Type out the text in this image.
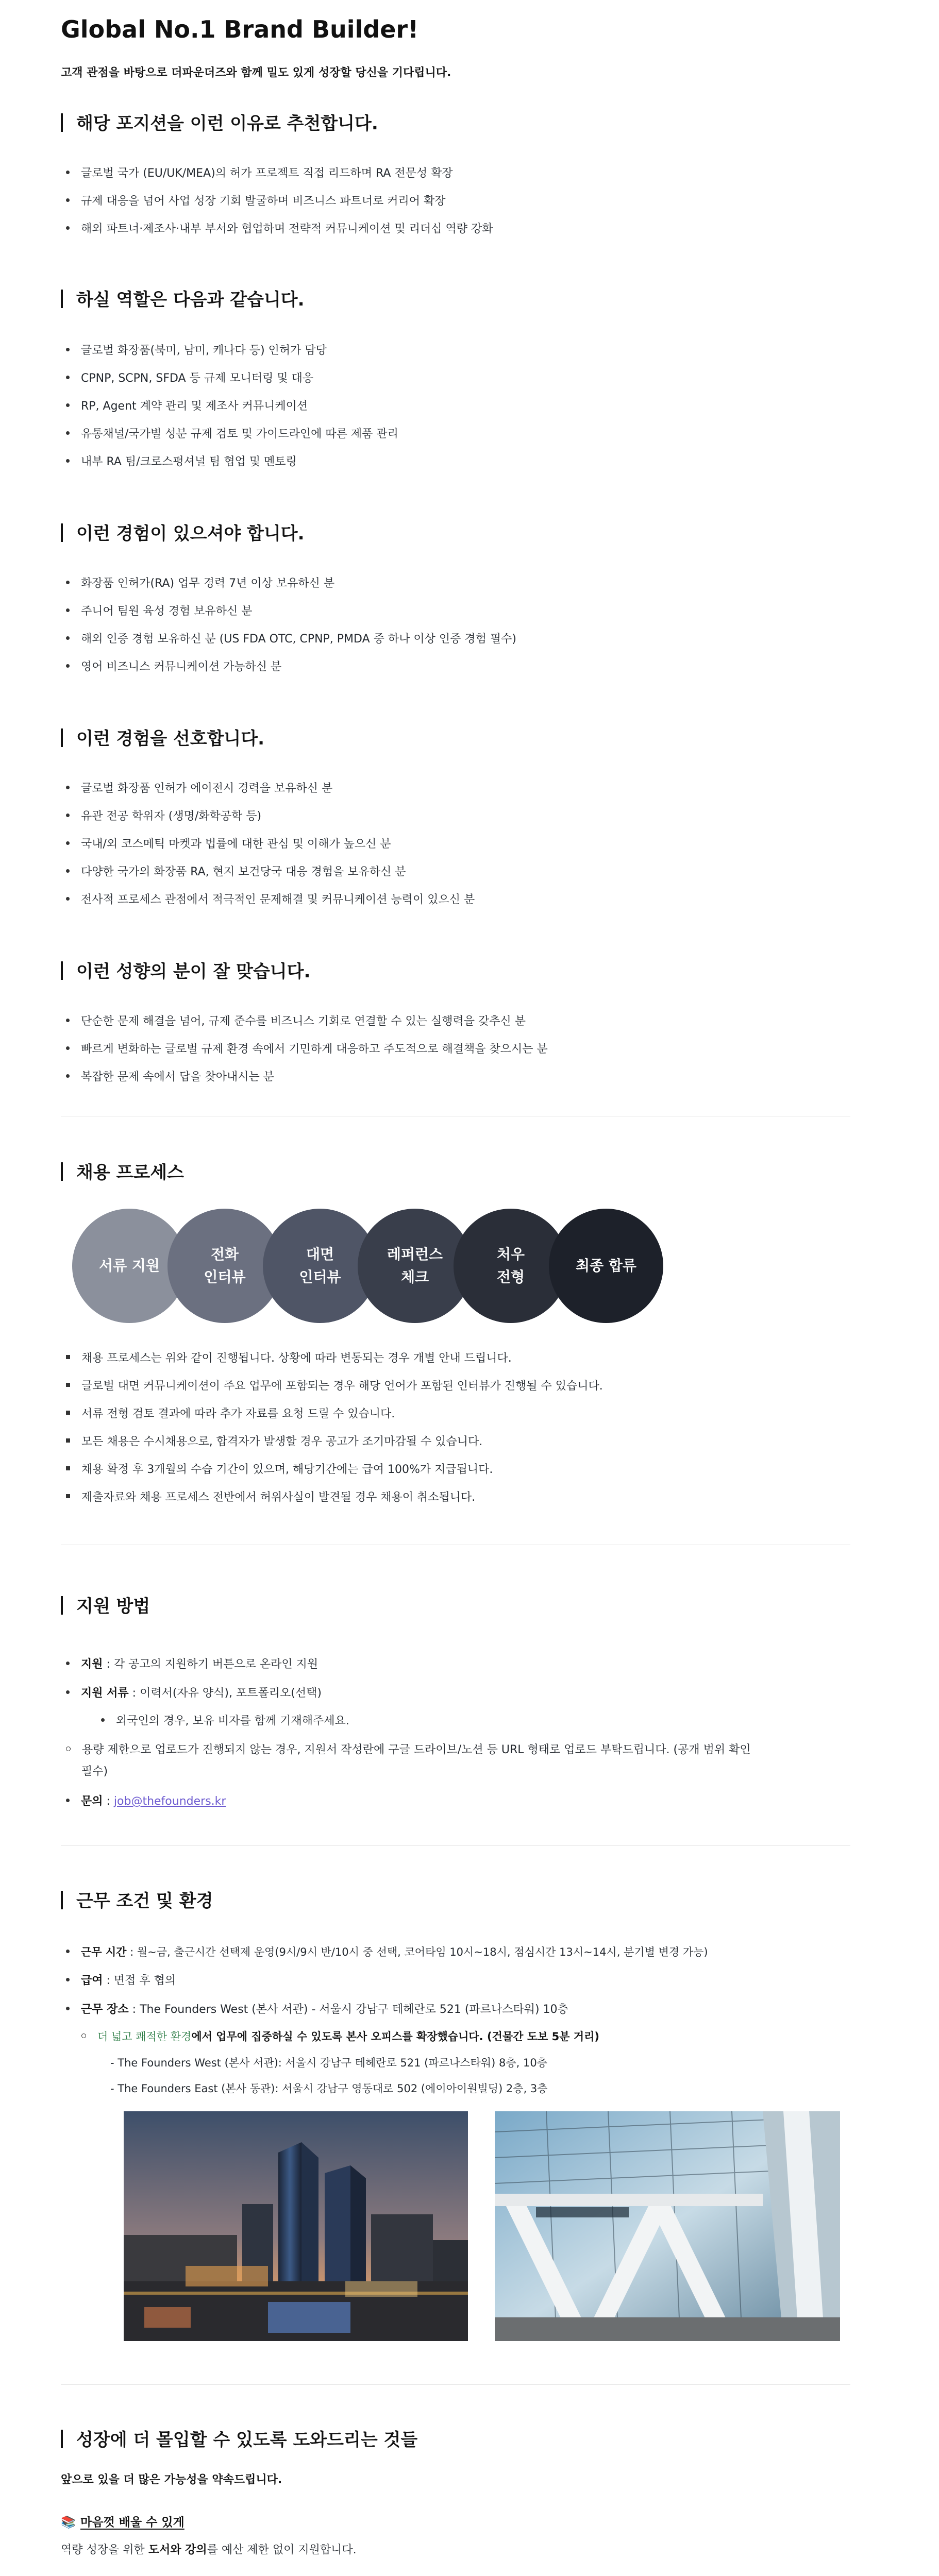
Global No.1 Brand Builder!
고객 관점을 바탕으로 더파운더즈와 함께 밀도 있게 성장할 당신을 기다립니다.
해당 포지션을 이런 이유로 추천합니다.
글로벌 국가 (EU/UK/MEA)의 허가 프로젝트 직접 리드하며 RA 전문성 확장
규제 대응을 넘어 사업 성장 기회 발굴하며 비즈니스 파트너로 커리어 확장
해외 파트너·제조사·내부 부서와 협업하며 전략적 커뮤니케이션 및 리더십 역량 강화
하실 역할은 다음과 같습니다.
글로벌 화장품(북미, 남미, 캐나다 등) 인허가 담당
CPNP, SCPN, SFDA 등 규제 모니터링 및 대응
RP, Agent 계약 관리 및 제조사 커뮤니케이션
유통채널/국가별 성분 규제 검토 및 가이드라인에 따른 제품 관리
내부 RA 팀/크로스펑셔널 팀 협업 및 멘토링
이런 경험이 있으셔야 합니다.
화장품 인허가(RA) 업무 경력 7년 이상 보유하신 분
주니어 팀원 육성 경험 보유하신 분
해외 인증 경험 보유하신 분 (US FDA OTC, CPNP, PMDA 중 하나 이상 인증 경험 필수)
영어 비즈니스 커뮤니케이션 가능하신 분
이런 경험을 선호합니다.
글로벌 화장품 인허가 에이전시 경력을 보유하신 분
유관 전공 학위자 (생명/화학공학 등)
국내/외 코스메틱 마켓과 법률에 대한 관심 및 이해가 높으신 분
다양한 국가의 화장품 RA, 현지 보건당국 대응 경험을 보유하신 분
전사적 프로세스 관점에서 적극적인 문제해결 및 커뮤니케이션 능력이 있으신 분
이런 성향의 분이 잘 맞습니다.
단순한 문제 해결을 넘어, 규제 준수를 비즈니스 기회로 연결할 수 있는 실행력을 갖추신 분
빠르게 변화하는 글로벌 규제 환경 속에서 기민하게 대응하고 주도적으로 해결책을 찾으시는 분
복잡한 문제 속에서 답을 찾아내시는 분
채용 프로세스
서류 지원
전화
인터뷰
대면
인터뷰
레퍼런스
체크
처우
전형
최종 합류
채용 프로세스는 위와 같이 진행됩니다. 상황에 따라 변동되는 경우 개별 안내 드립니다.
글로벌 대면 커뮤니케이션이 주요 업무에 포함되는 경우 해당 언어가 포함된 인터뷰가 진행될 수 있습니다.
서류 전형 검토 결과에 따라 추가 자료를 요청 드릴 수 있습니다.
모든 채용은 수시채용으로, 합격자가 발생할 경우 공고가 조기마감될 수 있습니다.
채용 확정 후 3개월의 수습 기간이 있으며, 해당기간에는 급여 100%가 지급됩니다.
제출자료와 채용 프로세스 전반에서 허위사실이 발견될 경우 채용이 취소됩니다.
지원 방법
지원 : 각 공고의 지원하기 버튼으로 온라인 지원
지원 서류 : 이력서(자유 양식), 포트폴리오(선택)
외국인의 경우, 보유 비자를 함께 기재해주세요.
용량 제한으로 업로드가 진행되지 않는 경우, 지원서 작성란에 구글 드라이브/노션 등 URL 형태로 업로드 부탁드립니다. (공개 범위 확인
필수)
문의 : job@thefounders.kr
근무 조건 및 환경
근무 시간 : 월~금, 출근시간 선택제 운영(9시/9시 반/10시 중 선택, 코어타임 10시~18시, 점심시간 13시~14시, 분기별 변경 가능)
급여 : 면접 후 협의
근무 장소 : The Founders West (본사 서관) - 서울시 강남구 테헤란로 521 (파르나스타워) 10층
더 넓고 쾌적한 환경에서 업무에 집중하실 수 있도록 본사 오피스를 확장했습니다. (건물간 도보 5분 거리)
- The Founders West (본사 서관): 서울시 강남구 테헤란로 521 (파르나스타워) 8층, 10층
- The Founders East (본사 동관): 서울시 강남구 영동대로 502 (에이아이원빌딩) 2층, 3층
성장에 더 몰입할 수 있도록 도와드리는 것들
앞으로 있을 더 많은 가능성을 약속드립니다.
📚 마음껏 배울 수 있게
역량 성장을 위한 도서와 강의를 예산 제한 없이 지원합니다.
